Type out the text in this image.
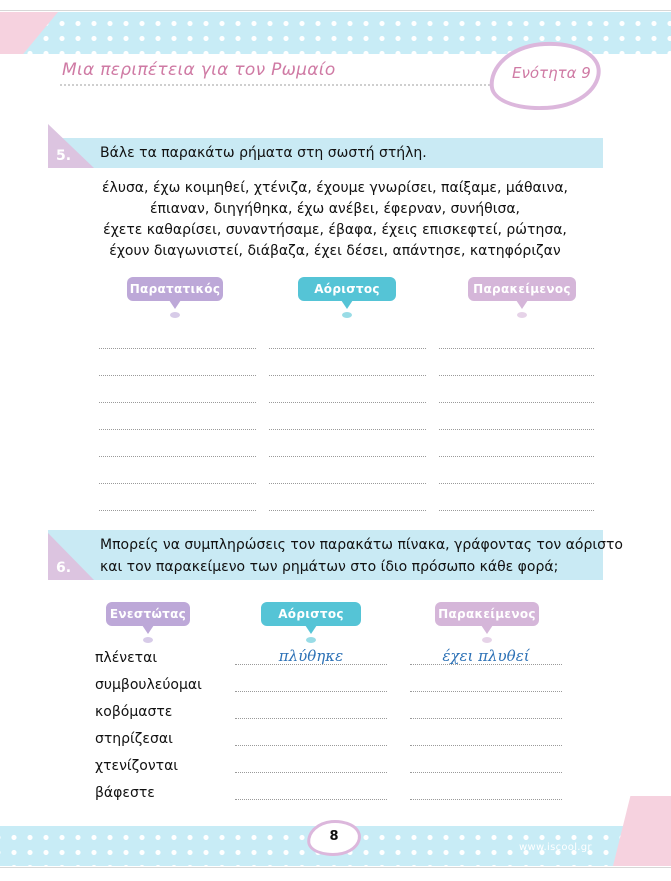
Μια περιπέτεια για τον Ρωμαίο	Ενότητα 9
5. Βάλε τα παρακάτω ρήματα στη σωστή στήλη.
έλυσα, έχω κοιμηθεί, χτένιζα, έχουμε γνωρίσει, παίξαμε, μάθαινα,
έπιαναν, διηγήθηκα, έχω ανέβει, έφερναν, συνήθισα,
έχετε καθαρίσει, συναντήσαμε, έβαφα, έχεις επισκεφτεί, ρώτησα,
έχουν διαγωνιστεί, διάβαζα, έχει δέσει, απάντησε, κατηφόριζαν
Παρατατικός	Αόριστος	Παρακείμενος
6.
Μπορείς να συμπληρώσεις τον παρακάτω πίνακα, γράφοντας τον αόριστο
και τον παρακείμενο των ρημάτων στο ίδιο πρόσωπο κάθε φορά;
Ενεστώτας	Αόριστος	Παρακείμενος
πλένεται	πλύθηκε	έχει πλυθεί
συμβουλεύομαι
κοβόμαστε
στηρίζεσαι
χτενίζονται
βάφεστε
8
www.iscool.gr
